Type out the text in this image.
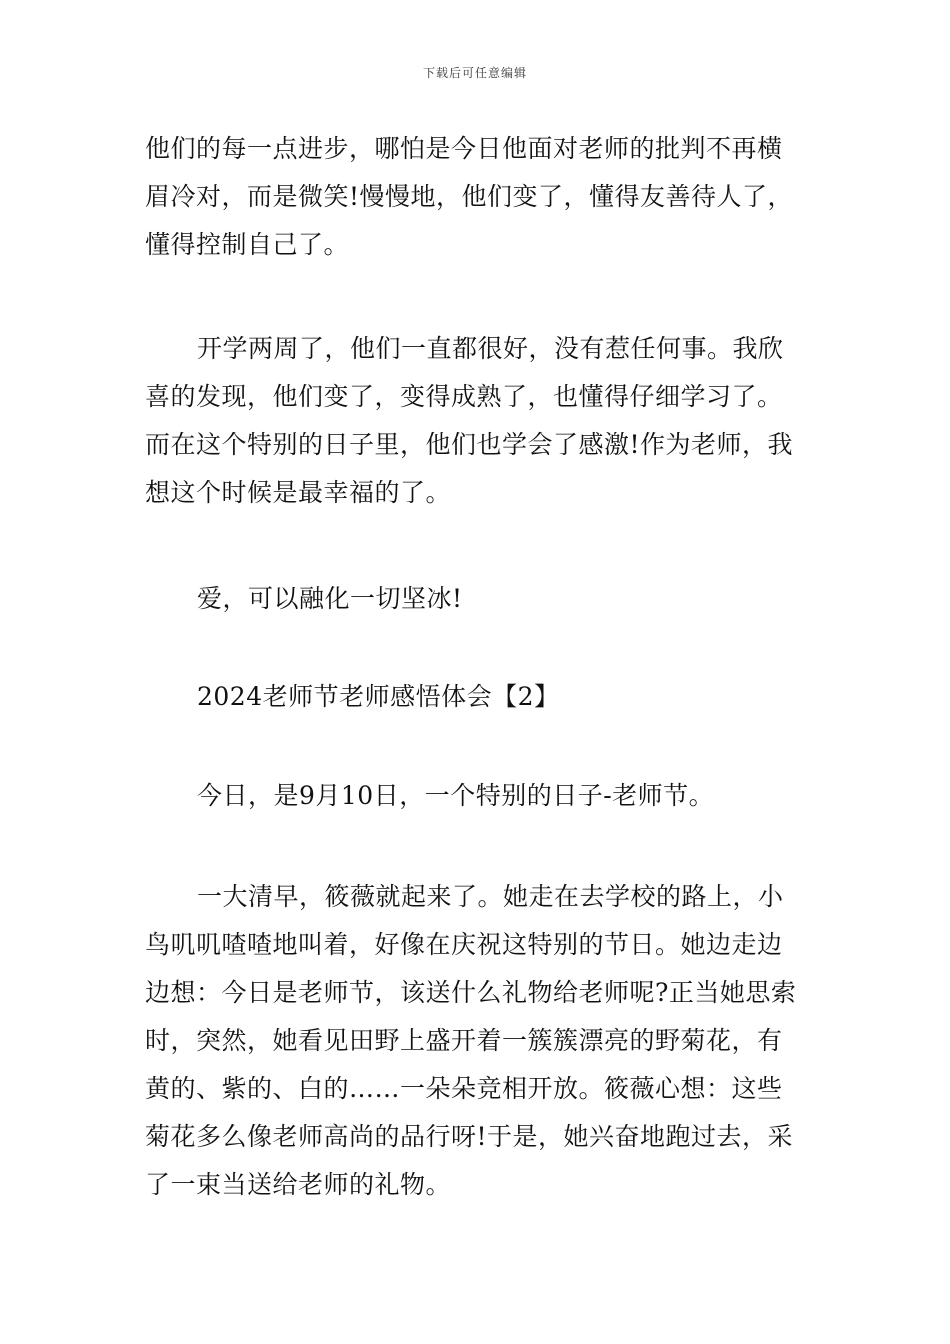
下载后可任意编辑
他们的每一点进步，哪怕是今日他面对老师的批判不再横
眉冷对，而是微笑!慢慢地，他们变了，懂得友善待人了，
懂得控制自己了。
开学两周了，他们一直都很好，没有惹任何事。我欣
喜的发现，他们变了，变得成熟了，也懂得仔细学习了。
而在这个特别的日子里，他们也学会了感激!作为老师，我
想这个时候是最幸福的了。
爱，可以融化一切坚冰!
2024老师节老师感悟体会【2】
今日，是9月10日，一个特别的日子-老师节。
一大清早，筱薇就起来了。她走在去学校的路上，小
鸟叽叽喳喳地叫着，好像在庆祝这特别的节日。她边走边
边想：今日是老师节，该送什么礼物给老师呢?正当她思索
时，突然，她看见田野上盛开着一簇簇漂亮的野菊花，有
黄的、紫的、白的……一朵朵竞相开放。筱薇心想：这些
菊花多么像老师高尚的品行呀!于是，她兴奋地跑过去，采
了一束当送给老师的礼物。
